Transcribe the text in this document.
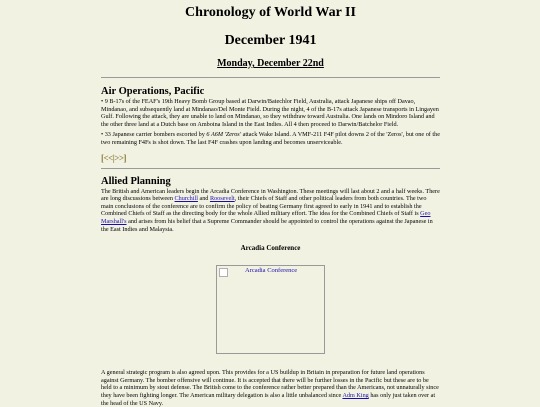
Chronology of World War II
December 1941
Monday, December 22nd
Air Operations, Pacific

• 9 B-17s of the FEAF's 19th Heavy Bomb Group based at Darwin/Batechlor Field, Australia, attack Japanese ships off Davao, Mindanao, and subsequently land at Mindanao/Del Monte Field. During the night, 4 of the B-17s attack Japanese transports in Lingayen Gulf. Following the attack, they are unable to land on Mindanao, so they withdraw toward Australia. One lands on Mindoro Island and the other three land at a Dutch base on Amboina Island in the East Indies. All 4 then proceed to Darwin/Batchelor Field.

• 33 Japanese carrier bombers escorted by 6 A6M 'Zeros' attack Wake Island. A VMF-211 F4F pilot downs 2 of the 'Zeros', but one of the two remaining F4Fs is shot down. The last F4F crashes upon landing and becomes unserviceable.

[<<|>>]
Allied Planning

The British and American leaders begin the Arcadia Conference in Washington. These meetings will last about 2 and a half weeks. There are long discussions between Churchill and Roosevelt, their Chiefs of Staff and other political leaders from both countries. The two main conclusions of the conference are to confirm the policy of beating Germany first agreed to early in 1941 and to establish the Combined Chiefs of Staff as the directing body for the whole Allied military effort. The idea for the Combined Chiefs of Staff is Geo Marshall's and arises from his belief that a Supreme Commander should be appointed to control the operations against the Japanese in the East Indies and Malaysia.

Arcadia Conference
Arcadia Conference

A general strategic program is also agreed upon. This provides for a US buildup in Britain in preparation for future land operations against Germany. The bomber offensive will continue. It is accepted that there will be further losses in the Pacific but these are to be held to a minimum by stout defense. The British come to the conference rather better prepared than the Americans, not unnaturally since they have been fighting longer. The American military delegation is also a little unbalanced since Adm King has only just taken over at the head of the US Navy.
